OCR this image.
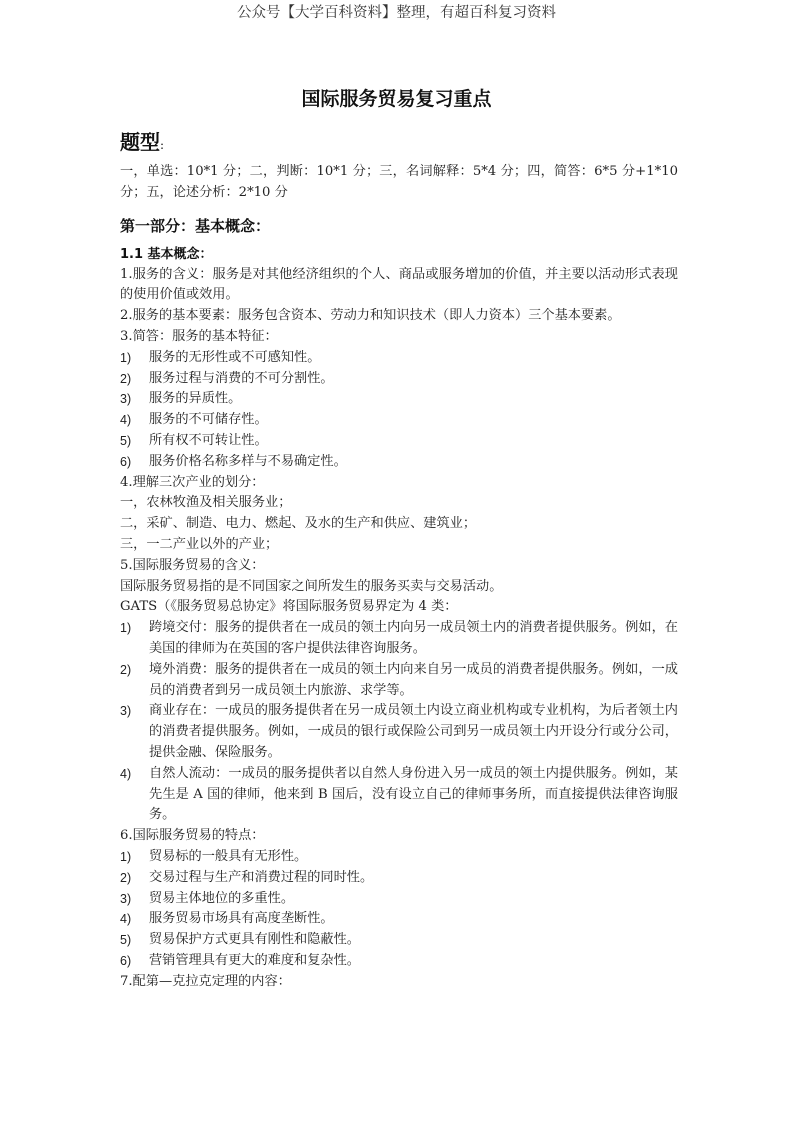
公众号【大学百科资料】整理，有超百科复习资料
国际服务贸易复习重点
题型:

一，单选：10*1 分；二，判断：10*1 分；三，名词解释：5*4 分；四，简答：6*5 分+1*10 分；五，论述分析：2*10 分

第一部分：基本概念：
1.1 基本概念：

1.服务的含义：服务是对其他经济组织的个人、商品或服务增加的价值，并主要以活动形式表现的使用价值或效用。

2.服务的基本要素：服务包含资本、劳动力和知识技术（即人力资本）三个基本要素。

3.简答：服务的基本特征：

1)	服务的无形性或不可感知性。

2)	服务过程与消费的不可分割性。

3)	服务的异质性。

4)	服务的不可储存性。

5)	所有权不可转让性。

6)	服务价格名称多样与不易确定性。

4.理解三次产业的划分：

一，农林牧渔及相关服务业；

二，采矿、制造、电力、燃起、及水的生产和供应、建筑业；

三，一二产业以外的产业；

5.国际服务贸易的含义：

国际服务贸易指的是不同国家之间所发生的服务买卖与交易活动。

GATS（《服务贸易总协定》将国际服务贸易界定为 4 类：

1)	跨境交付：服务的提供者在一成员的领土内向另一成员领土内的消费者提供服务。例如，在美国的律师为在英国的客户提供法律咨询服务。

2)	境外消费：服务的提供者在一成员的领土内向来自另一成员的消费者提供服务。例如，一成员的消费者到另一成员领土内旅游、求学等。

3)	商业存在：一成员的服务提供者在另一成员领土内设立商业机构或专业机构，为后者领土内的消费者提供服务。例如，一成员的银行或保险公司到另一成员领土内开设分行或分公司，提供金融、保险服务。

4)	自然人流动：一成员的服务提供者以自然人身份进入另一成员的领土内提供服务。例如，某先生是 A 国的律师，他来到 B 国后，没有设立自己的律师事务所，而直接提供法律咨询服务。

6.国际服务贸易的特点：

1)	贸易标的一般具有无形性。

2)	交易过程与生产和消费过程的同时性。

3)	贸易主体地位的多重性。

4)	服务贸易市场具有高度垄断性。

5)	贸易保护方式更具有刚性和隐蔽性。

6)	营销管理具有更大的难度和复杂性。

7.配第—克拉克定理的内容：
